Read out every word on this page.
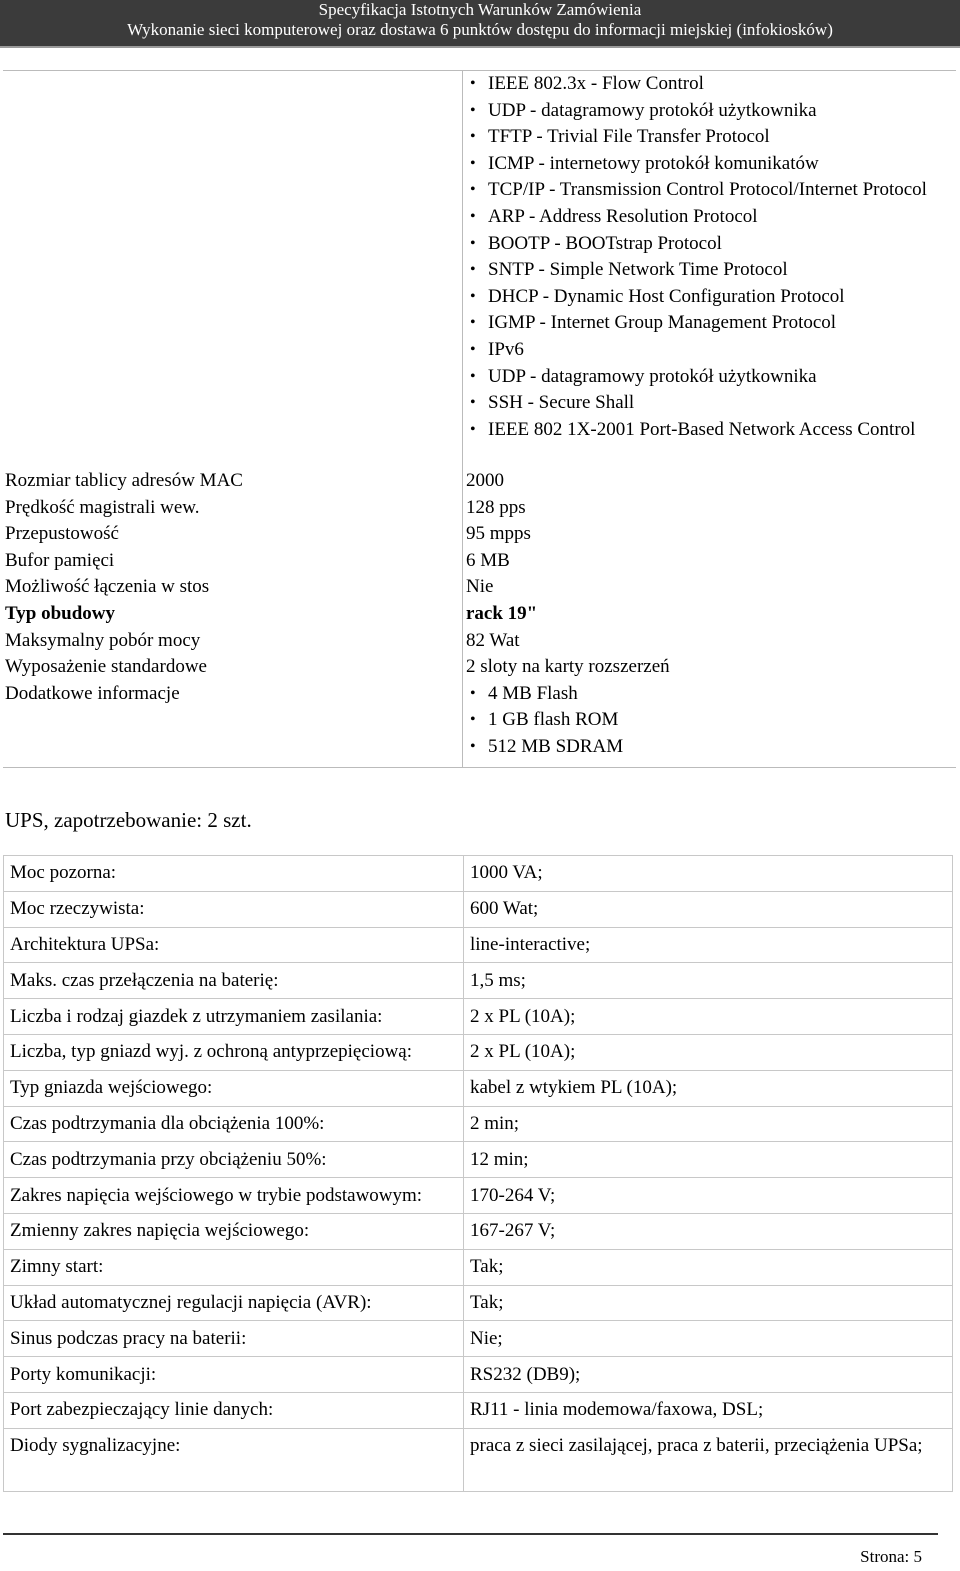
Specyfikacja Istotnych Warunków Zamówienia
Wykonanie sieci komputerowej oraz dostawa 6 punktów dostępu do informacji miejskiej (infokiosków)
• IEEE 802.3x - Flow Control
• UDP - datagramowy protokół użytkownika
• TFTP - Trivial File Transfer Protocol
• ICMP - internetowy protokół komunikatów
• TCP/IP - Transmission Control Protocol/Internet Protocol
• ARP - Address Resolution Protocol
• BOOTP - BOOTstrap Protocol
• SNTP - Simple Network Time Protocol
• DHCP - Dynamic Host Configuration Protocol
• IGMP - Internet Group Management Protocol
• IPv6
• UDP - datagramowy protokół użytkownika
• SSH - Secure Shall
• IEEE 802 1X-2001 Port-Based Network Access Control
Rozmiar tablicy adresów MAC	2000
Prędkość magistrali wew.	128 pps
Przepustowość	95 mpps
Bufor pamięci	6 MB
Możliwość łączenia w stos	Nie
Typ obudowy	rack 19"
Maksymalny pobór mocy	82 Wat
Wyposażenie standardowe	2 sloty na karty rozszerzeń
Dodatkowe informacje	• 4 MB Flash
• 1 GB flash ROM
• 512 MB SDRAM
UPS, zapotrzebowanie: 2 szt.
Moc pozorna:	1000 VA;
Moc rzeczywista:	600 Wat;
Architektura UPSa:	line-interactive;
Maks. czas przełączenia na baterię:	1,5 ms;
Liczba i rodzaj giazdek z utrzymaniem zasilania:	2 x PL (10A);
Liczba, typ gniazd wyj. z ochroną antyprzepięciową:	2 x PL (10A);
Typ gniazda wejściowego:	kabel z wtykiem PL (10A);
Czas podtrzymania dla obciążenia 100%:	2 min;
Czas podtrzymania przy obciążeniu 50%:	12 min;
Zakres napięcia wejściowego w trybie podstawowym:	170-264 V;
Zmienny zakres napięcia wejściowego:	167-267 V;
Zimny start:	Tak;
Układ automatycznej regulacji napięcia (AVR):	Tak;
Sinus podczas pracy na baterii:	Nie;
Porty komunikacji:	RS232 (DB9);
Port zabezpieczający linie danych:	RJ11 - linia modemowa/faxowa, DSL;
Diody sygnalizacyjne:	praca z sieci zasilającej, praca z baterii, przeciążenia UPSa;
Strona: 5
